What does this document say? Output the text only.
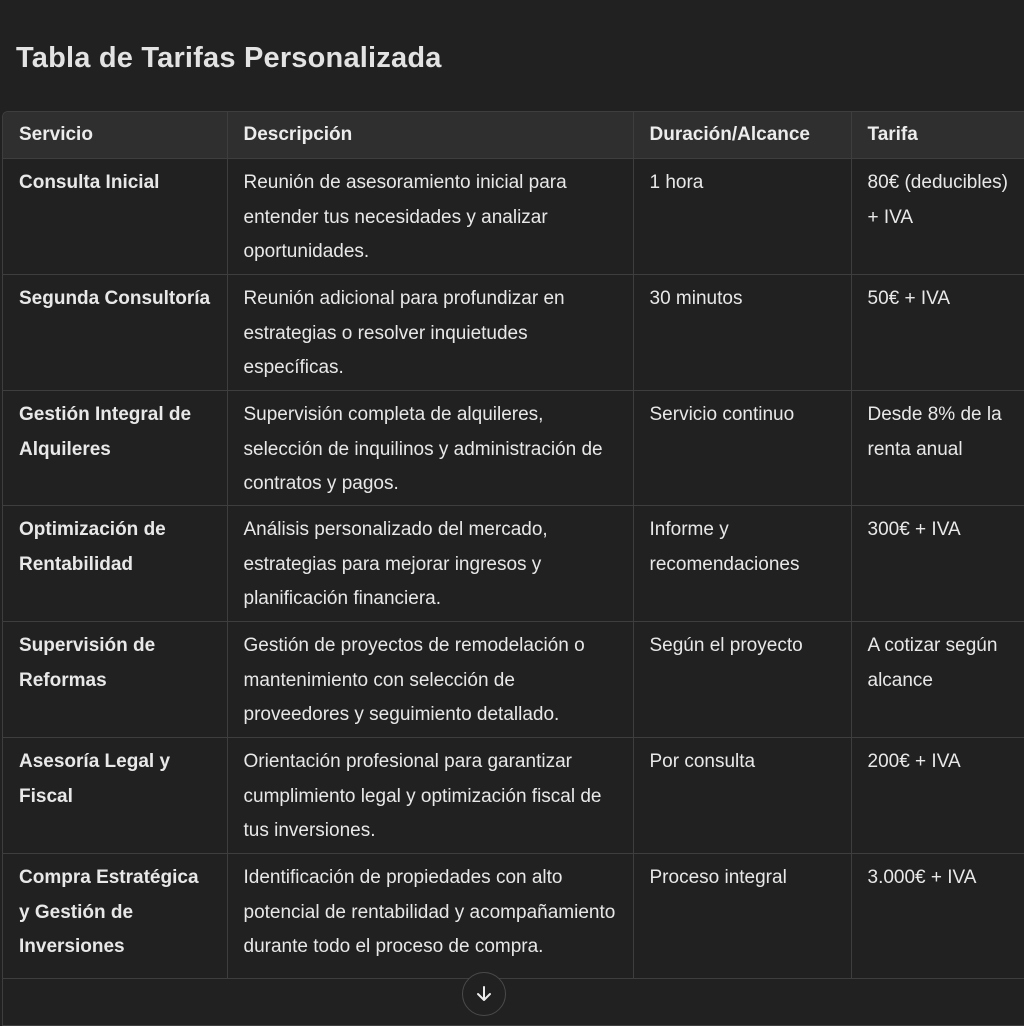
Tabla de Tarifas Personalizada
Servicio	Descripción	Duración/Alcance	Tarifa
Consulta Inicial	Reunión de asesoramiento inicial para entender tus necesidades y analizar oportunidades.	1 hora	80€ (deducibles) + IVA
Segunda Consultoría	Reunión adicional para profundizar en estrategias o resolver inquietudes específicas.	30 minutos	50€ + IVA
Gestión Integral de Alquileres	Supervisión completa de alquileres, selección de inquilinos y administración de contratos y pagos.	Servicio continuo	Desde 8% de la renta anual
Optimización de Rentabilidad	Análisis personalizado del mercado, estrategias para mejorar ingresos y planificación financiera.	Informe y recomendaciones	300€ + IVA
Supervisión de Reformas	Gestión de proyectos de remodelación o mantenimiento con selección de proveedores y seguimiento detallado.	Según el proyecto	A cotizar según alcance
Asesoría Legal y Fiscal	Orientación profesional para garantizar cumplimiento legal y optimización fiscal de tus inversiones.	Por consulta	200€ + IVA
Compra Estratégica y Gestión de Inversiones	Identificación de propiedades con alto potencial de rentabilidad y acompañamiento durante todo el proceso de compra.	Proceso integral	3.000€ + IVA
